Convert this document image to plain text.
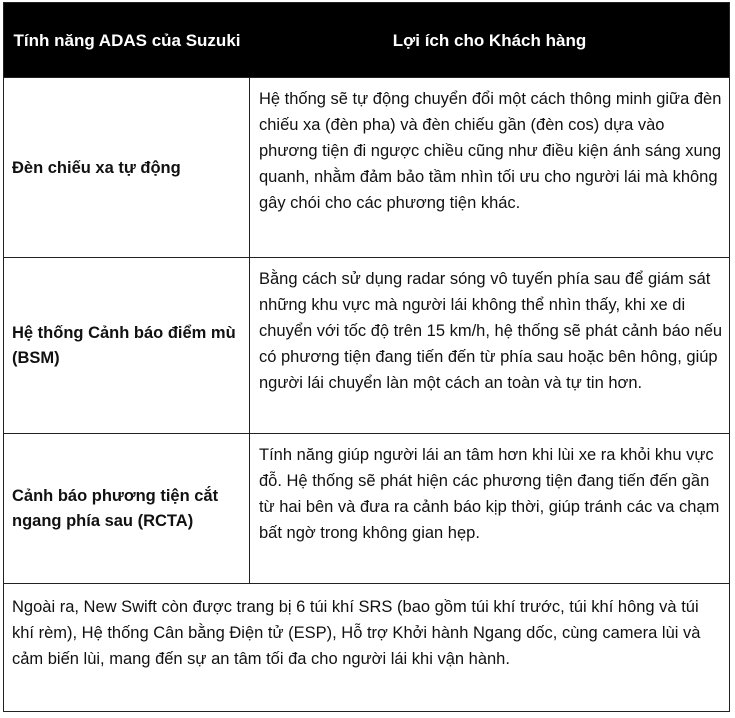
Tính năng ADAS của Suzuki	Lợi ích cho Khách hàng
Đèn chiếu xa tự động
Hệ thống sẽ tự động chuyển đổi một cách thông minh giữa đèn chiếu xa (đèn pha) và đèn chiếu gần (đèn cos) dựa vào phương tiện đi ngược chiều cũng như điều kiện ánh sáng xung quanh, nhằm đảm bảo tầm nhìn tối ưu cho người lái mà không gây chói cho các phương tiện khác.
Hệ thống Cảnh báo điểm mù (BSM)
Bằng cách sử dụng radar sóng vô tuyến phía sau để giám sát những khu vực mà người lái không thể nhìn thấy, khi xe di chuyển với tốc độ trên 15 km/h, hệ thống sẽ phát cảnh báo nếu có phương tiện đang tiến đến từ phía sau hoặc bên hông, giúp người lái chuyển làn một cách an toàn và tự tin hơn.
Cảnh báo phương tiện cắt ngang phía sau (RCTA)
Tính năng giúp người lái an tâm hơn khi lùi xe ra khỏi khu vực đỗ. Hệ thống sẽ phát hiện các phương tiện đang tiến đến gần từ hai bên và đưa ra cảnh báo kịp thời, giúp tránh các va chạm bất ngờ trong không gian hẹp.
Ngoài ra, New Swift còn được trang bị 6 túi khí SRS (bao gồm túi khí trước, túi khí hông và túi khí rèm), Hệ thống Cân bằng Điện tử (ESP), Hỗ trợ Khởi hành Ngang dốc, cùng camera lùi và cảm biến lùi, mang đến sự an tâm tối đa cho người lái khi vận hành.
